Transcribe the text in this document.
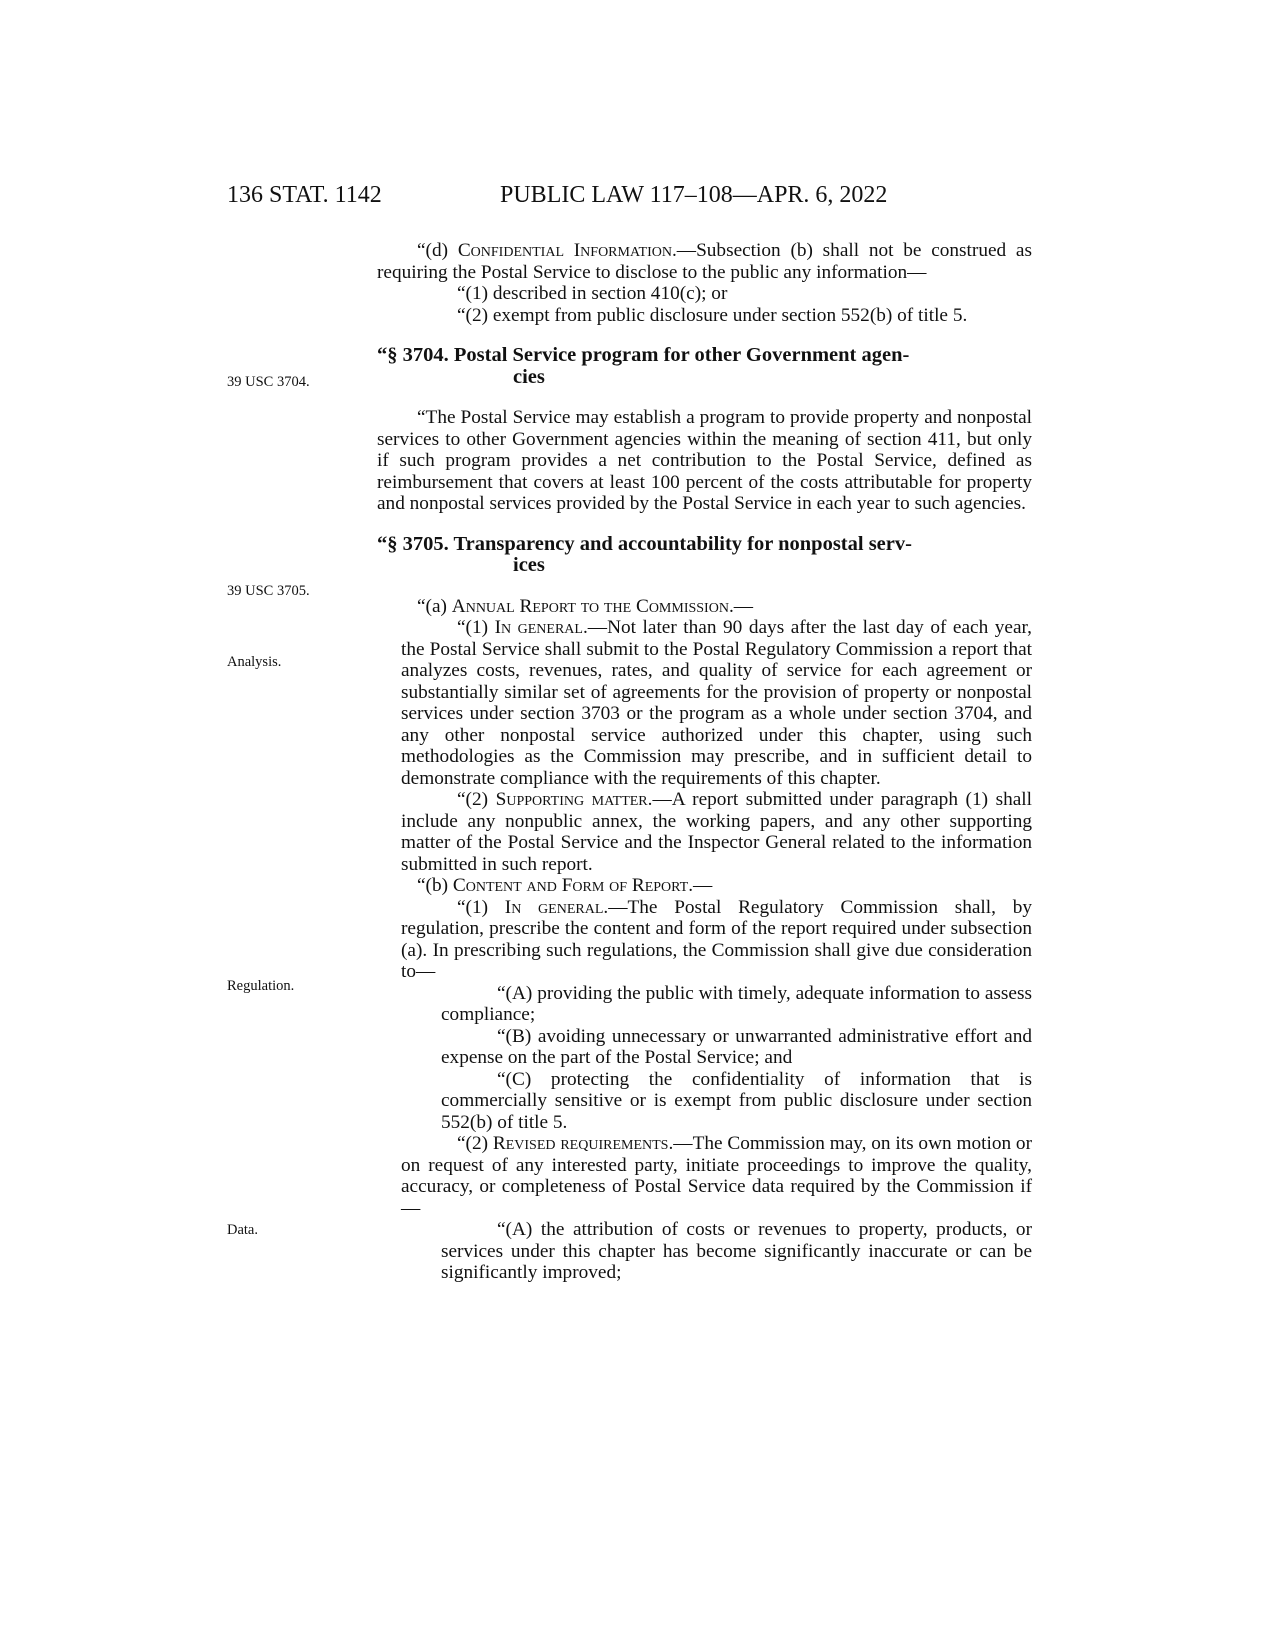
136 STAT. 1142	PUBLIC LAW 117–108—APR. 6, 2022
39 USC 3704.
39 USC 3705.
Analysis.
Regulation.
Data.

“(d) Confidential Information.—Subsection (b) shall not be construed as requiring the Postal Service to disclose to the public any information—

“(1) described in section 410(c); or

“(2) exempt from public disclosure under section 552(b) of title 5.

“§ 3704. Postal Service program for other Government agen-
cies

“The Postal Service may establish a program to provide property and nonpostal services to other Government agencies within the meaning of section 411, but only if such program provides a net contribution to the Postal Service, defined as reimbursement that covers at least 100 percent of the costs attributable for property and nonpostal services provided by the Postal Service in each year to such agencies.

“§ 3705. Transparency and accountability for nonpostal serv-
ices

“(a) Annual Report to the Commission.—

“(1) In general.—Not later than 90 days after the last day of each year, the Postal Service shall submit to the Postal Regulatory Commission a report that analyzes costs, revenues, rates, and quality of service for each agreement or substantially similar set of agreements for the provision of property or nonpostal services under section 3703 or the program as a whole under section 3704, and any other nonpostal service authorized under this chapter, using such methodologies as the Commission may prescribe, and in sufficient detail to demonstrate compliance with the requirements of this chapter.

“(2) Supporting matter.—A report submitted under paragraph (1) shall include any nonpublic annex, the working papers, and any other supporting matter of the Postal Service and the Inspector General related to the information submitted in such report.

“(b) Content and Form of Report.—

“(1) In general.—The Postal Regulatory Commission shall, by regulation, prescribe the content and form of the report required under subsection (a). In prescribing such regulations, the Commission shall give due consideration to—

“(A) providing the public with timely, adequate information to assess compliance;

“(B) avoiding unnecessary or unwarranted administrative effort and expense on the part of the Postal Service; and

“(C) protecting the confidentiality of information that is commercially sensitive or is exempt from public disclosure under section 552(b) of title 5.

“(2) Revised requirements.—The Commission may, on its own motion or on request of any interested party, initiate proceedings to improve the quality, accuracy, or completeness of Postal Service data required by the Commission if—

“(A) the attribution of costs or revenues to property, products, or services under this chapter has become significantly inaccurate or can be significantly improved;
